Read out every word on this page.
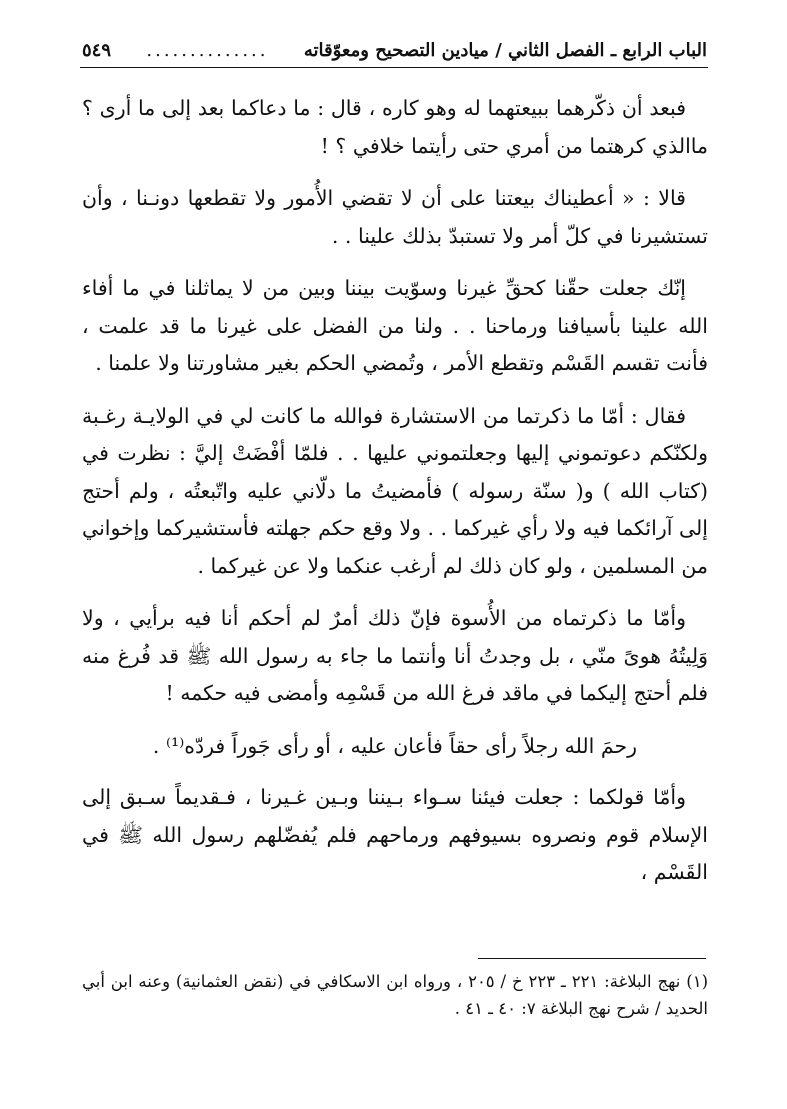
الباب الرابع ـ الفصل الثاني / ميادين التصحيح ومعوّقاته
..............
٥٤٩

فبعد أن ذكّرهما ببيعتهما له وهو كاره ، قال : ما دعاكما بعد إلى ما أرى ؟ ماالذي كرهتما من أمري حتى رأيتما خلافي ؟ !

قالا : « أعطيناك بيعتنا على أن لا تقضي الأُمور ولا تقطعها دونـنا ، وأن تستشيرنا في كلّ أمر ولا تستبدّ بذلك علينا . .

إنّك جعلت حقّنا كحقِّ غيرنا وسوّيت بيننا وبين من لا يماثلنا في ما أفاء الله علينا بأسيافنا ورماحنا . . ولنا من الفضل على غيرنا ما قد علمت ، فأنت تقسم القَسْم وتقطع الأمر ، وتُمضي الحكم بغير مشاورتنا ولا علمنا .

فقال : أمّا ما ذكرتما من الاستشارة فوالله ما كانت لي في الولايـة رغـبة ولكنّكم دعوتموني إليها وجعلتموني عليها . . فلمّا أفْضَتْ إليَّ : نظرت في (كتاب الله ) و( سنّة رسوله ) فأمضيتُ ما دلّاني عليه واتّبعتُه ، ولم أحتج إلى آرائكما فيه ولا رأي غيركما . . ولا وقع حكم جهلته فأستشيركما وإخواني من المسلمين ، ولو كان ذلك لم أرغب عنكما ولا عن غيركما .

وأمّا ما ذكرتماه من الأُسوة فإنّ ذلك أمرٌ لم أحكم أنا فيه برأيي ، ولا وَلِيتُهُ هوىً منّي ، بل وجدتُ أنا وأنتما ما جاء به رسول الله ﷺ قد فُرغ منه فلم أحتج إليكما في ماقد فرغ الله من قَسْمِه وأمضى فيه حكمه !

رحمَ الله رجلاً رأى حقاً فأعان عليه ، أو رأى جَوراً فردّه⁽¹⁾ .

وأمّا قولكما : جعلت فيئنا سـواء بـيننا وبـين غـيرنا ، فـقديماً سـبق إلى الإسلام قوم ونصروه بسيوفهم ورماحهم فلم يُفضّلهم رسول الله ﷺ في القَسْم ،

(١) نهج البلاغة: ٢٢١ ـ ٢٢٣ خ / ٢٠٥ ، ورواه ابن الاسكافي في (نقض العثمانية) وعنه ابن أبي الحديد / شرح نهج البلاغة ٧: ٤٠ ـ ٤١ .
